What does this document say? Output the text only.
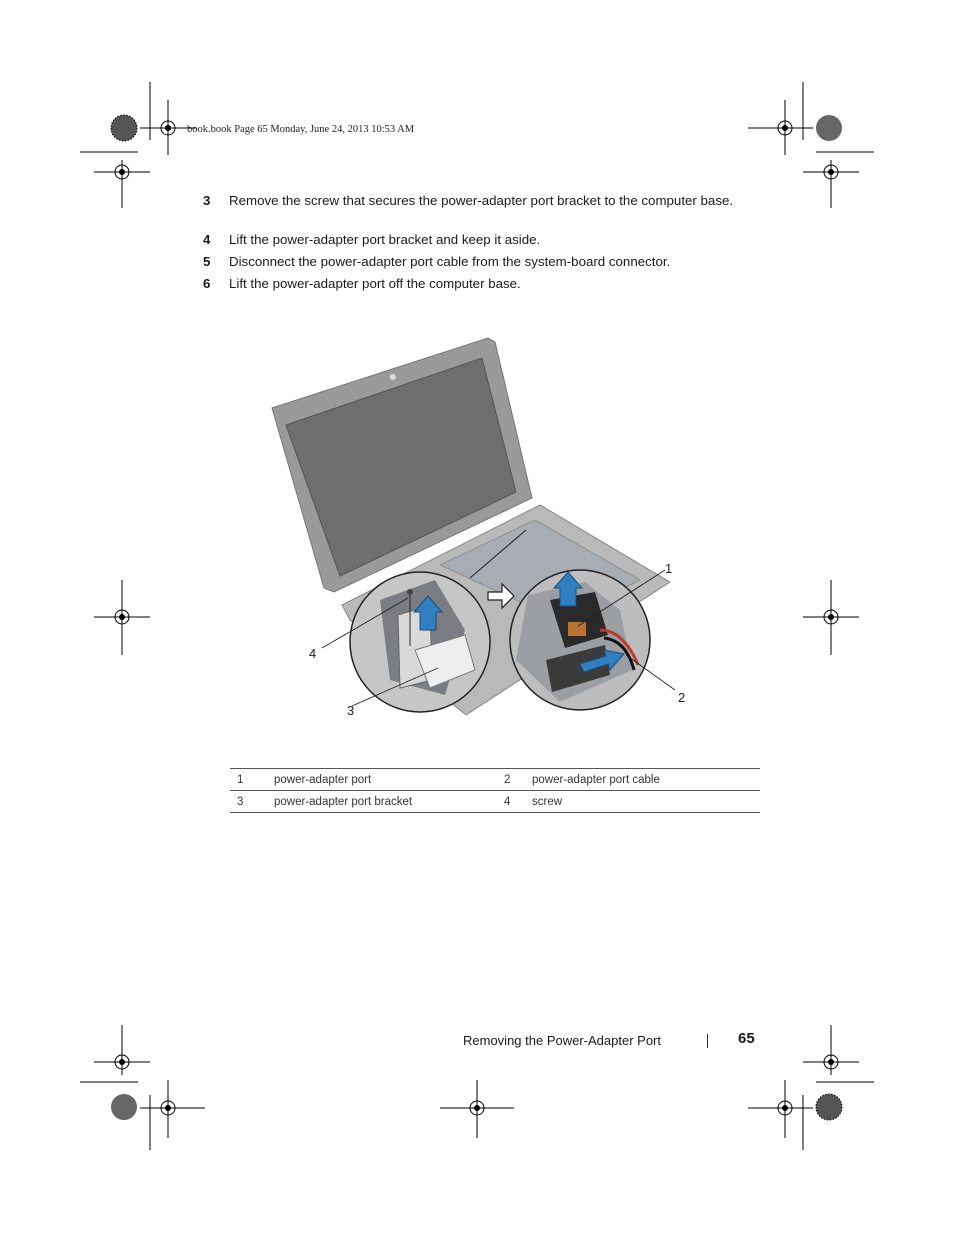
book.book Page 65 Monday, June 24, 2013 10:53 AM
3	Remove the screw that secures the power-adapter port bracket to the computer base.
4	Lift the power-adapter port bracket and keep it aside.
5	Disconnect the power-adapter port cable from the system-board connector.
6	Lift the power-adapter port off the computer base.
1
2
3
4
1	power-adapter port	2	power-adapter port cable
3	power-adapter port bracket	4	screw
Removing the Power-Adapter Port	65
